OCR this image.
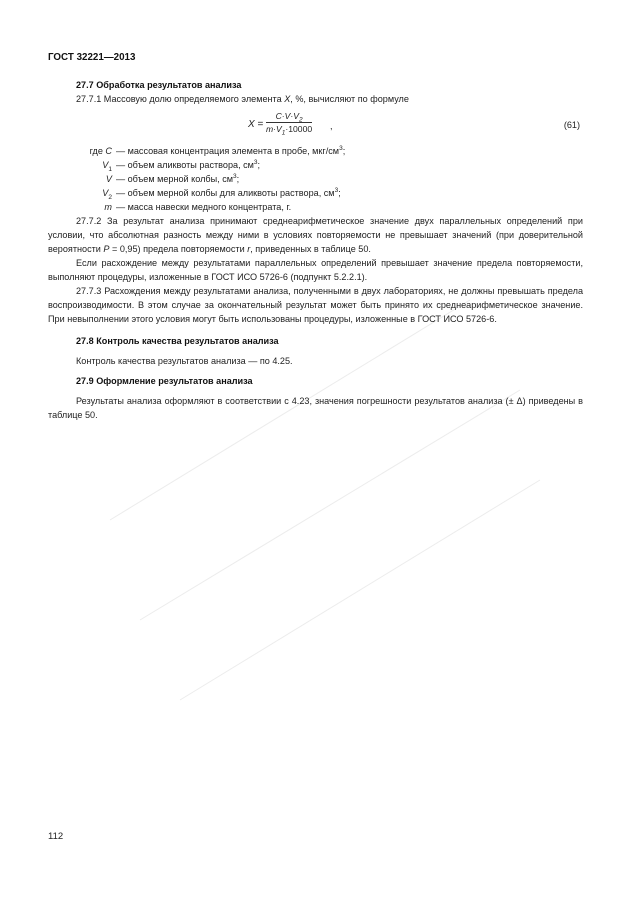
ГОСТ 32221—2013
27.7 Обработка результатов анализа
27.7.1 Массовую долю определяемого элемента X, %, вычисляют по формуле
$X = \frac{C\cdot V\cdot V_2}{m\cdot V_1\cdot 10000}$ ,	(61)
где C — массовая концентрация элемента в пробе, мкг/$см^3$;
$V_1$ — объем аликвоты раствора, $см^3$;
V — объем мерной колбы, $см^3$;
$V_2$ — объем мерной колбы для аликвоты раствора, $см^3$;
m — масса навески медного концентрата, г.
27.7.2 За результат анализа принимают среднеарифметическое значение двух параллельных определений при условии, что абсолютная разность между ними в условиях повторяемости не превышает значений (при доверительной вероятности P = 0,95) предела повторяемости r, приведенных в таблице 50.
Если расхождение между результатами параллельных определений превышает значение предела повторяемости, выполняют процедуры, изложенные в ГОСТ ИСО 5726-6 (подпункт 5.2.2.1).
27.7.3 Расхождения между результатами анализа, полученными в двух лабораториях, не должны превышать предела воспроизводимости. В этом случае за окончательный результат может быть принято их среднеарифметическое значение. При невыполнении этого условия могут быть использованы процедуры, изложенные в ГОСТ ИСО 5726-6.
27.8 Контроль качества результатов анализа
Контроль качества результатов анализа — по 4.25.
27.9 Оформление результатов анализа
Результаты анализа оформляют в соответствии с 4.23, значения погрешности результатов анализа (± Δ) приведены в таблице 50.
112
